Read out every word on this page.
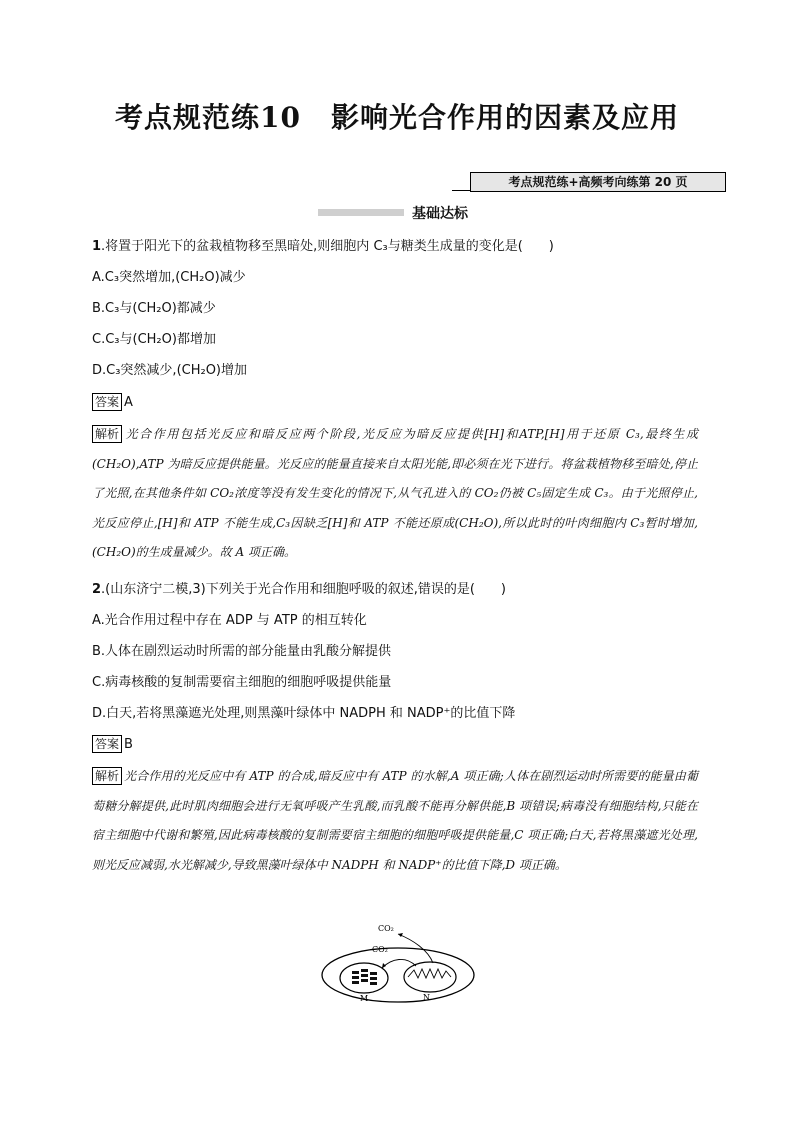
考点规范练10 影响光合作用的因素及应用
考点规范练+高频考向练第 20 页
基础达标
1.将置于阳光下的盆栽植物移至黑暗处,则细胞内 C₃与糖类生成量的变化是(　　)
A.C₃突然增加,(CH₂O)减少
B.C₃与(CH₂O)都减少
C.C₃与(CH₂O)都增加
D.C₃突然减少,(CH₂O)增加
答案 A
解析 光合作用包括光反应和暗反应两个阶段,光反应为暗反应提供[H]和ATP,[H]用于还原 C₃,最终生成(CH₂O),ATP 为暗反应提供能量。光反应的能量直接来自太阳光能,即必须在光下进行。将盆栽植物移至暗处,停止了光照,在其他条件如 CO₂浓度等没有发生变化的情况下,从气孔进入的 CO₂仍被 C₅固定生成 C₃。由于光照停止,光反应停止,[H]和 ATP 不能生成,C₃因缺乏[H]和 ATP 不能还原成(CH₂O),所以此时的叶肉细胞内 C₃暂时增加,(CH₂O)的生成量减少。故 A 项正确。
2.(山东济宁二模,3)下列关于光合作用和细胞呼吸的叙述,错误的是(　　)
A.光合作用过程中存在 ADP 与 ATP 的相互转化
B.人体在剧烈运动时所需的部分能量由乳酸分解提供
C.病毒核酸的复制需要宿主细胞的细胞呼吸提供能量
D.白天,若将黑藻遮光处理,则黑藻叶绿体中 NADPH 和 NADP⁺的比值下降
答案 B
解析 光合作用的光反应中有 ATP 的合成,暗反应中有 ATP 的水解,A 项正确;人体在剧烈运动时所需要的能量由葡萄糖分解提供,此时肌肉细胞会进行无氧呼吸产生乳酸,而乳酸不能再分解供能,B 项错误;病毒没有细胞结构,只能在宿主细胞中代谢和繁殖,因此病毒核酸的复制需要宿主细胞的细胞呼吸提供能量,C 项正确;白天,若将黑藻遮光处理,则光反应减弱,水光解减少,导致黑藻叶绿体中 NADPH 和 NADP⁺的比值下降,D 项正确。
CO₂
CO₂
M	N
